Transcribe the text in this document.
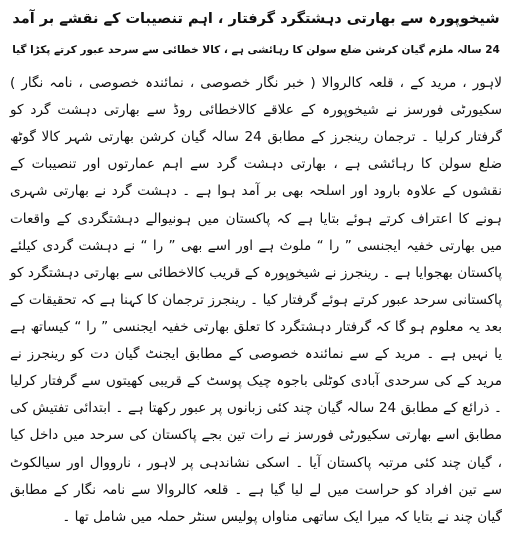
شیخوپورہ سے بھارتی دہشتگرد گرفتار ، اہم تنصیبات کے نقشے بر آمد
24 سالہ ملزم گیان کرشن ضلع سولن کا رہائشی ہے ، کالا خطائی سے سرحد عبور کرتے پکڑا گیا

لاہور ، مرید کے ، قلعہ کالروالا ( خبر نگار خصوصی ، نمائندہ خصوصی ، نامہ نگار ) سکیورٹی فورسز نے شیخوپورہ کے علاقے کالاخطائی روڈ سے بھارتی دہشت گرد کو گرفتار کرلیا ۔ ترجمان رینجرز کے مطابق 24 سالہ گیان کرشن بھارتی شہر کالا گوٹھ ضلع سولن کا رہائشی ہے ، بھارتی دہشت گرد سے اہم عمارتوں اور تنصیبات کے نقشوں کے علاوہ بارود اور اسلحہ بھی بر آمد ہوا ہے ۔ دہشت گرد نے بھارتی شہری ہونے کا اعتراف کرتے ہوئے بتایا ہے کہ پاکستان میں ہونیوالے دہشتگردی کے واقعات میں بھارتی خفیہ ایجنسی ” را “ ملوث ہے اور اسے بھی ” را “ نے دہشت گردی کیلئے پاکستان بھجوایا ہے ۔ رینجرز نے شیخوپورہ کے قریب کالاخطائی سے بھارتی دہشتگرد کو پاکستانی سرحد عبور کرتے ہوئے گرفتار کیا ۔ رینجرز ترجمان کا کہنا ہے کہ تحقیقات کے بعد یہ معلوم ہو گا کہ گرفتار دہشتگرد کا تعلق بھارتی خفیہ ایجنسی ” را “ کیساتھ ہے یا نہیں ہے ۔ مرید کے سے نمائندہ خصوصی کے مطابق ایجنٹ گیان دت کو رینجرز نے مرید کے کی سرحدی آبادی کوٹلی باجوہ چیک پوسٹ کے قریبی کھیتوں سے گرفتار کرلیا ۔ ذرائع کے مطابق 24 سالہ گیان چند کئی زبانوں پر عبور رکھتا ہے ۔ ابتدائی تفتیش کی مطابق اسے بھارتی سکیورٹی فورسز نے رات تین بجے پاکستان کی سرحد میں داخل کیا ، گیان چند کئی مرتبہ پاکستان آیا ۔ اسکی نشاندہی پر لاہور ، نارووال اور سیالکوٹ سے تین افراد کو حراست میں لے لیا گیا ہے ۔ قلعہ کالروالا سے نامہ نگار کے مطابق گیان چند نے بتایا کہ میرا ایک ساتھی مناواں پولیس سنٹر حملہ میں شامل تھا ۔
